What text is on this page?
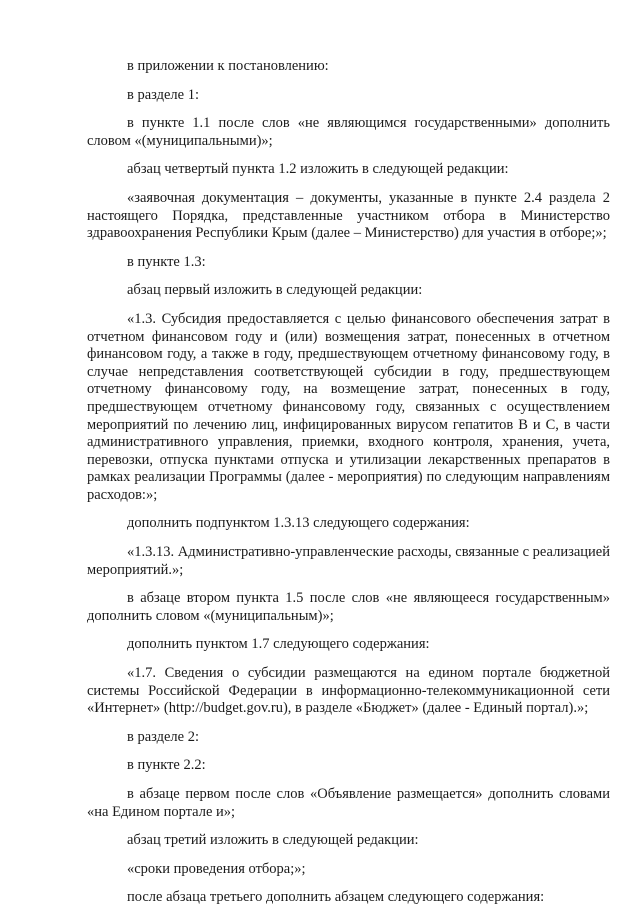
в приложении к постановлению:

в разделе 1:

в пункте 1.1 после слов «не являющимся государственными» дополнить словом «(муниципальными)»;

абзац четвертый пункта 1.2 изложить в следующей редакции:

«заявочная документация – документы, указанные в пункте 2.4 раздела 2 настоящего Порядка, представленные участником отбора в Министерство здравоохранения Республики Крым (далее – Министерство) для участия в отборе;»;

в пункте 1.3:

абзац первый изложить в следующей редакции:

«1.3. Субсидия предоставляется с целью финансового обеспечения затрат в отчетном финансовом году и (или) возмещения затрат, понесенных в отчетном финансовом году, а также в году, предшествующем отчетному финансовому году, в случае непредставления соответствующей субсидии в году, предшествующем отчетному финансовому году, на возмещение затрат, понесенных в году, предшествующем отчетному финансовому году, связанных с осуществлением мероприятий по лечению лиц, инфицированных вирусом гепатитов В и С, в части административного управления, приемки, входного контроля, хранения, учета, перевозки, отпуска пунктами отпуска и утилизации лекарственных препаратов в рамках реализации Программы (далее - мероприятия) по следующим направлениям расходов:»;

дополнить подпунктом 1.3.13 следующего содержания:

«1.3.13. Административно-управленческие расходы, связанные с реализацией мероприятий.»;

в абзаце втором пункта 1.5 после слов «не являющееся государственным» дополнить словом «(муниципальным)»;

дополнить пунктом 1.7 следующего содержания:

«1.7. Сведения о субсидии размещаются на едином портале бюджетной системы Российской Федерации в информационно-телекоммуникационной сети «Интернет» (http://budget.gov.ru), в разделе «Бюджет» (далее - Единый портал).»;

в разделе 2:

в пункте 2.2:

в абзаце первом после слов «Объявление размещается» дополнить словами «на Едином портале и»;

абзац третий изложить в следующей редакции:

«сроки проведения отбора;»;

после абзаца третьего дополнить абзацем следующего содержания:
